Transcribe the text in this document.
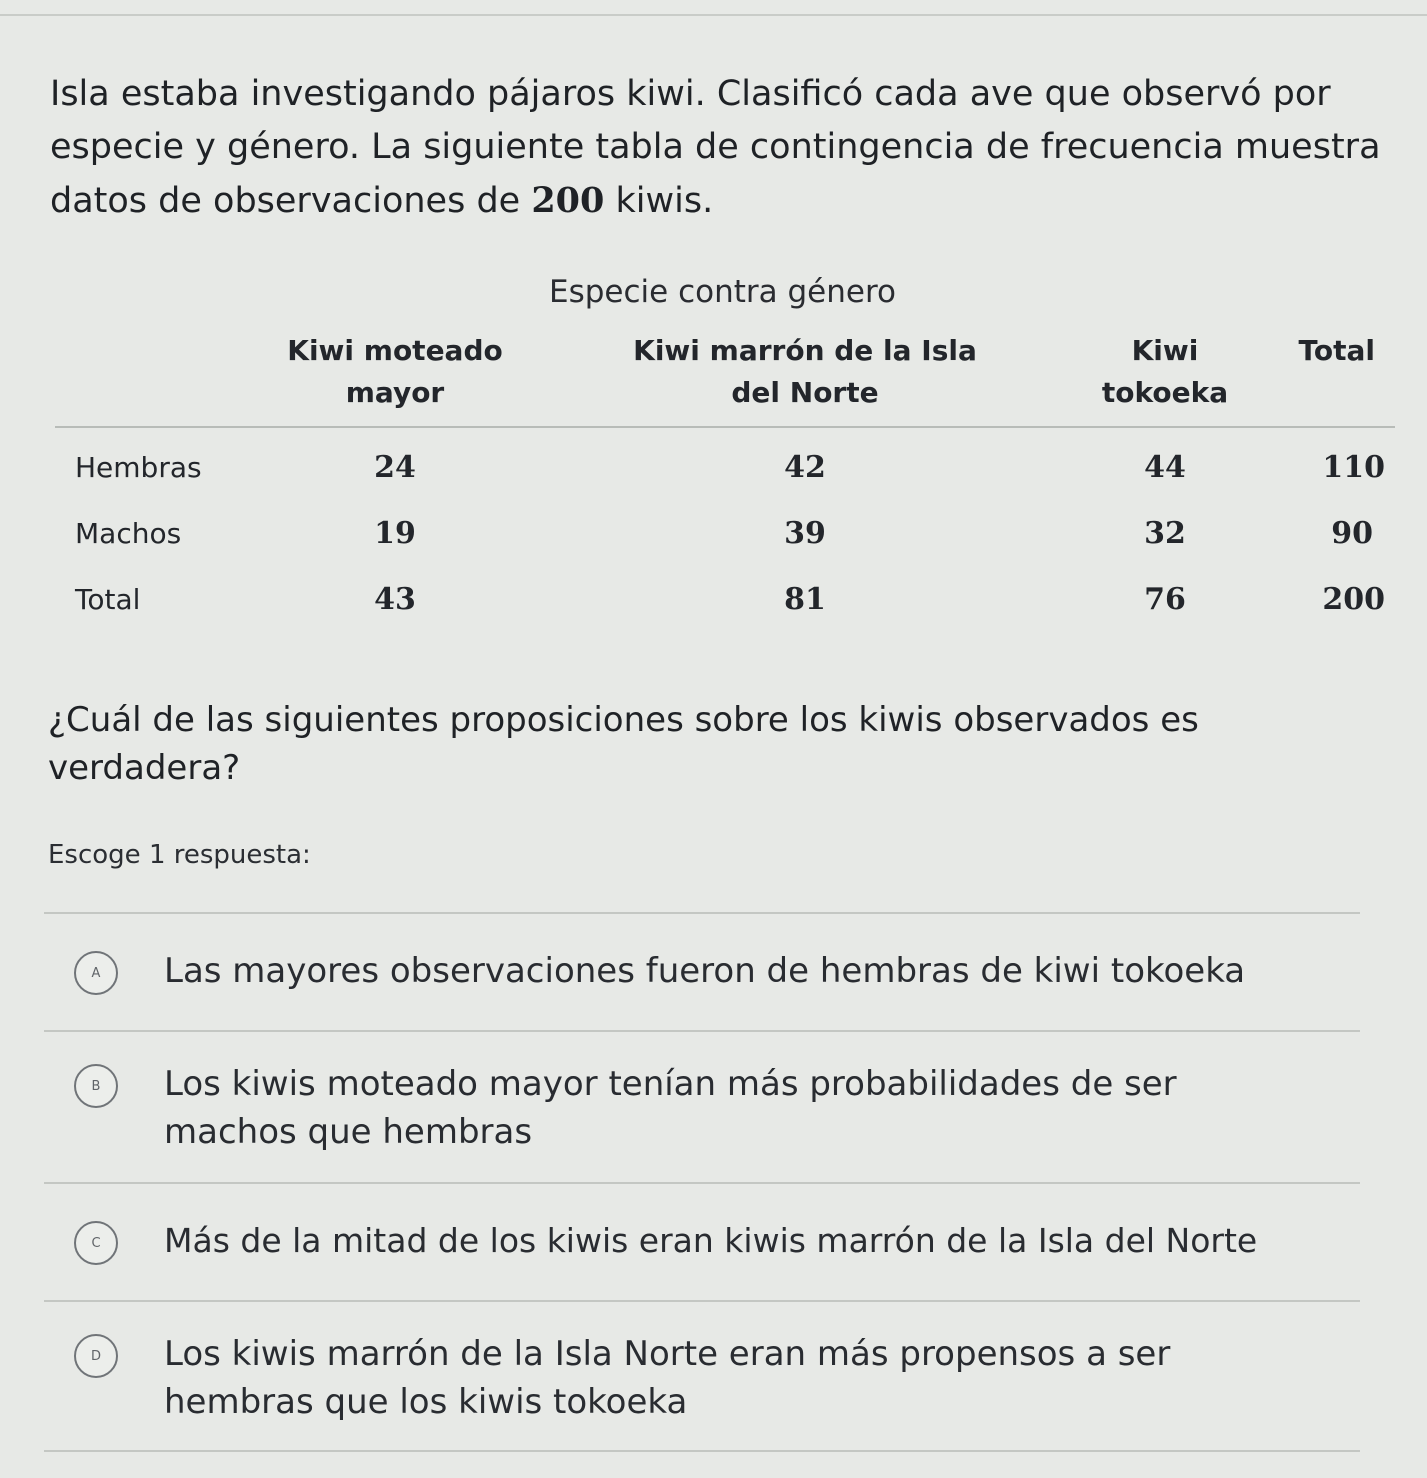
Isla estaba investigando pájaros kiwi. Clasificó cada ave que observó por especie y género. La siguiente tabla de contingencia de frecuencia muestra datos de observaciones de 200 kiwis.

Especie contra género
	Kiwi moteado mayor	Kiwi marrón de la Isla del Norte	Kiwi tokoeka	Total
Hembras	24	42	44	110
Machos	19	39	32	90
Total	43	81	76	200

¿Cuál de las siguientes proposiciones sobre los kiwis observados es verdadera?

Escoge 1 respuesta:
A Las mayores observaciones fueron de hembras de kiwi tokoeka
B Los kiwis moteado mayor tenían más probabilidades de ser machos que hembras
C Más de la mitad de los kiwis eran kiwis marrón de la Isla del Norte
D Los kiwis marrón de la Isla Norte eran más propensos a ser hembras que los kiwis tokoeka
